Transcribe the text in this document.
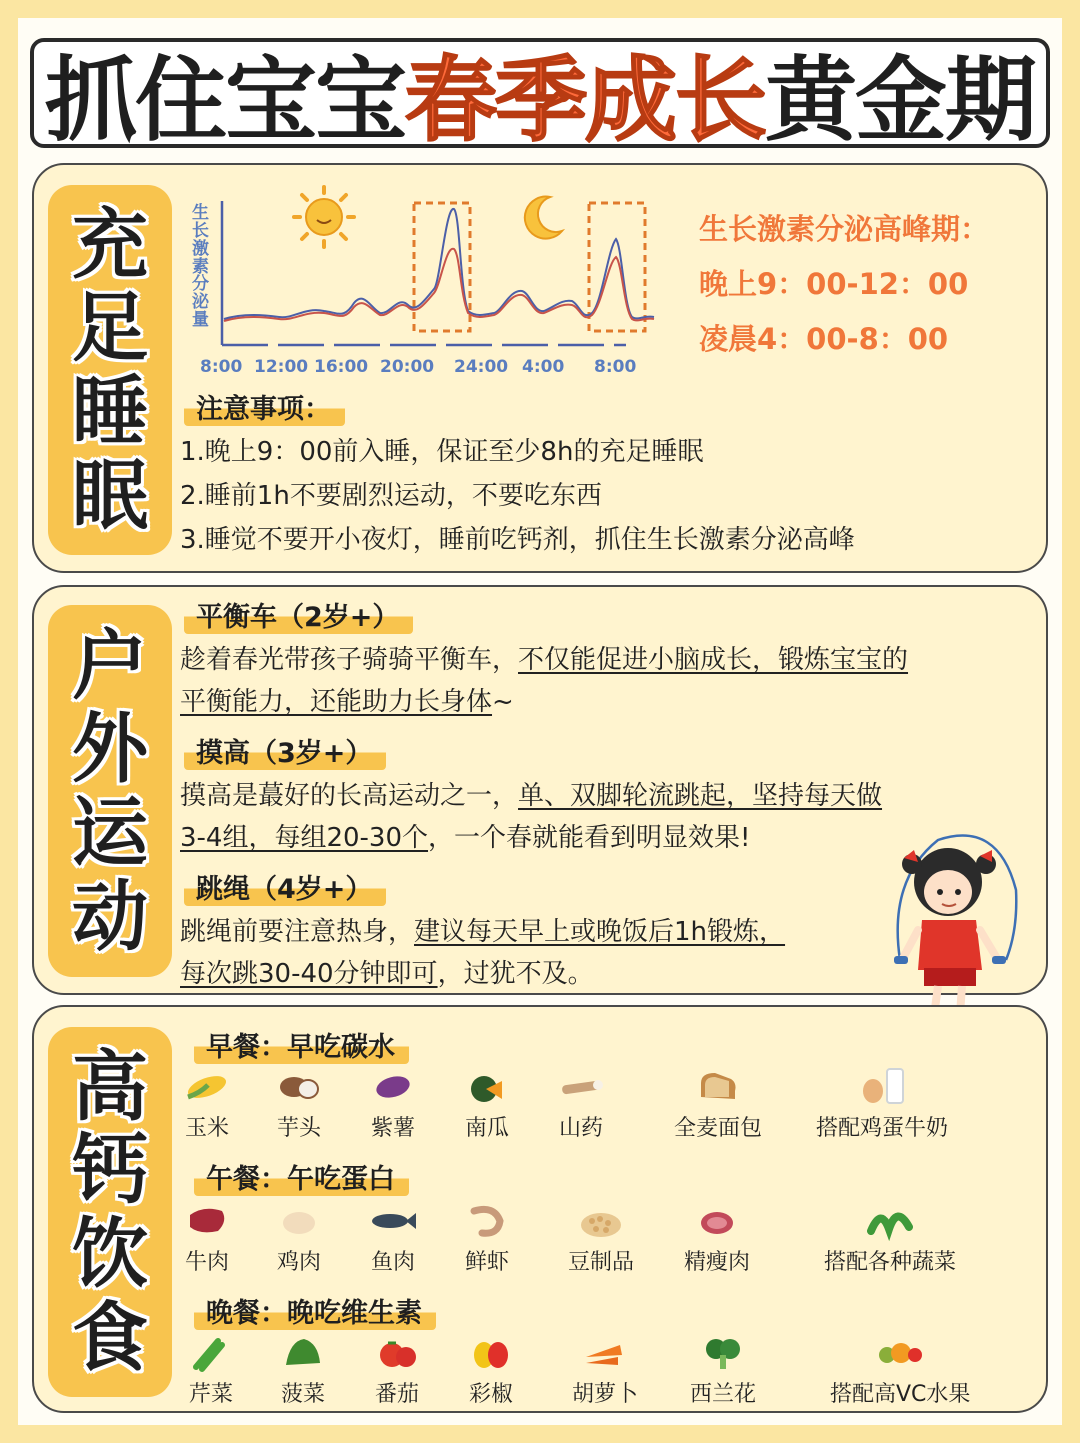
抓住宝宝 春季成长 黄金期
充
足
睡
眠
生长激素分泌量
8:00 12:00 16:00 20:00 24:00 4:00 8:00
生长激素分泌高峰期：
晚上9：00-12：00
凌晨4：00-8：00
注意事项：
1.晚上9：00前入睡，保证至少8h的充足睡眠
2.睡前1h不要剧烈运动，不要吃东西
3.睡觉不要开小夜灯，睡前吃钙剂，抓住生长激素分泌高峰
户
外
运
动
平衡车（2岁+）
趁着春光带孩子骑骑平衡车，不仅能促进小脑成长，锻炼宝宝的
平衡能力，还能助力长身体~
摸高（3岁+）
摸高是蕞好的长高运动之一，单、双脚轮流跳起，坚持每天做
3-4组，每组20-30个，一个春就能看到明显效果!
跳绳（4岁+）
跳绳前要注意热身，建议每天早上或晚饭后1h锻炼，
每次跳30-40分钟即可，过犹不及。
高
钙
饮
食
早餐：早吃碳水
玉米 芋头 紫薯 南瓜 山药	全麦面包 搭配鸡蛋牛奶
午餐：午吃蛋白
牛肉 鸡肉 鱼肉 鲜虾	豆制品 精瘦肉	搭配各种蔬菜
晚餐：晚吃维生素
芹菜 菠菜 番茄 彩椒	胡萝卜 西兰花	搭配高VC水果
